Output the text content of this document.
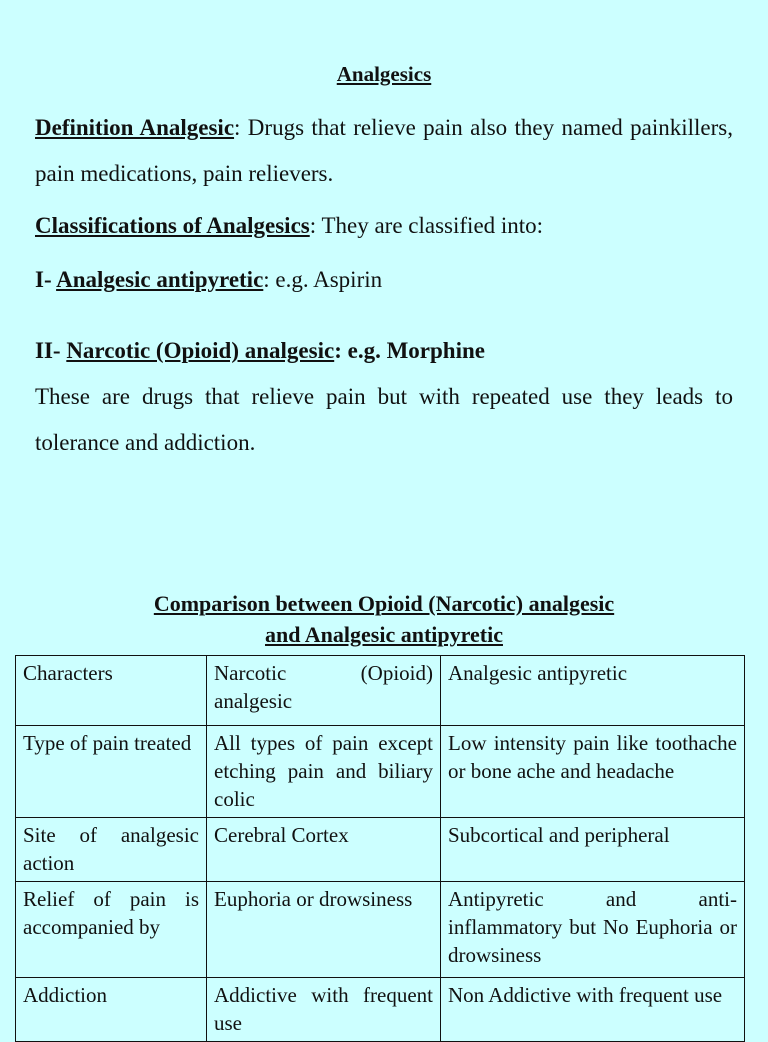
Analgesics

Definition Analgesic: Drugs that relieve pain also they named painkillers, pain medications, pain relievers.

Classifications of Analgesics: They are classified into:

I- Analgesic antipyretic: e.g. Aspirin

II- Narcotic (Opioid) analgesic: e.g. Morphine

These are drugs that relieve pain but with repeated use they leads to tolerance and addiction.

Comparison between Opioid (Narcotic) analgesic
and Analgesic antipyretic
Characters	Narcotic (Opioid) analgesic	Analgesic antipyretic
Type of pain treated	All types of pain except etching pain and biliary colic	Low intensity pain like toothache or bone ache and headache
Site of analgesic action	Cerebral Cortex	Subcortical and peripheral
Relief of pain is accompanied by	Euphoria or drowsiness	Antipyretic and anti-inflammatory but No Euphoria or drowsiness
Addiction	Addictive with frequent use	Non Addictive with frequent use
